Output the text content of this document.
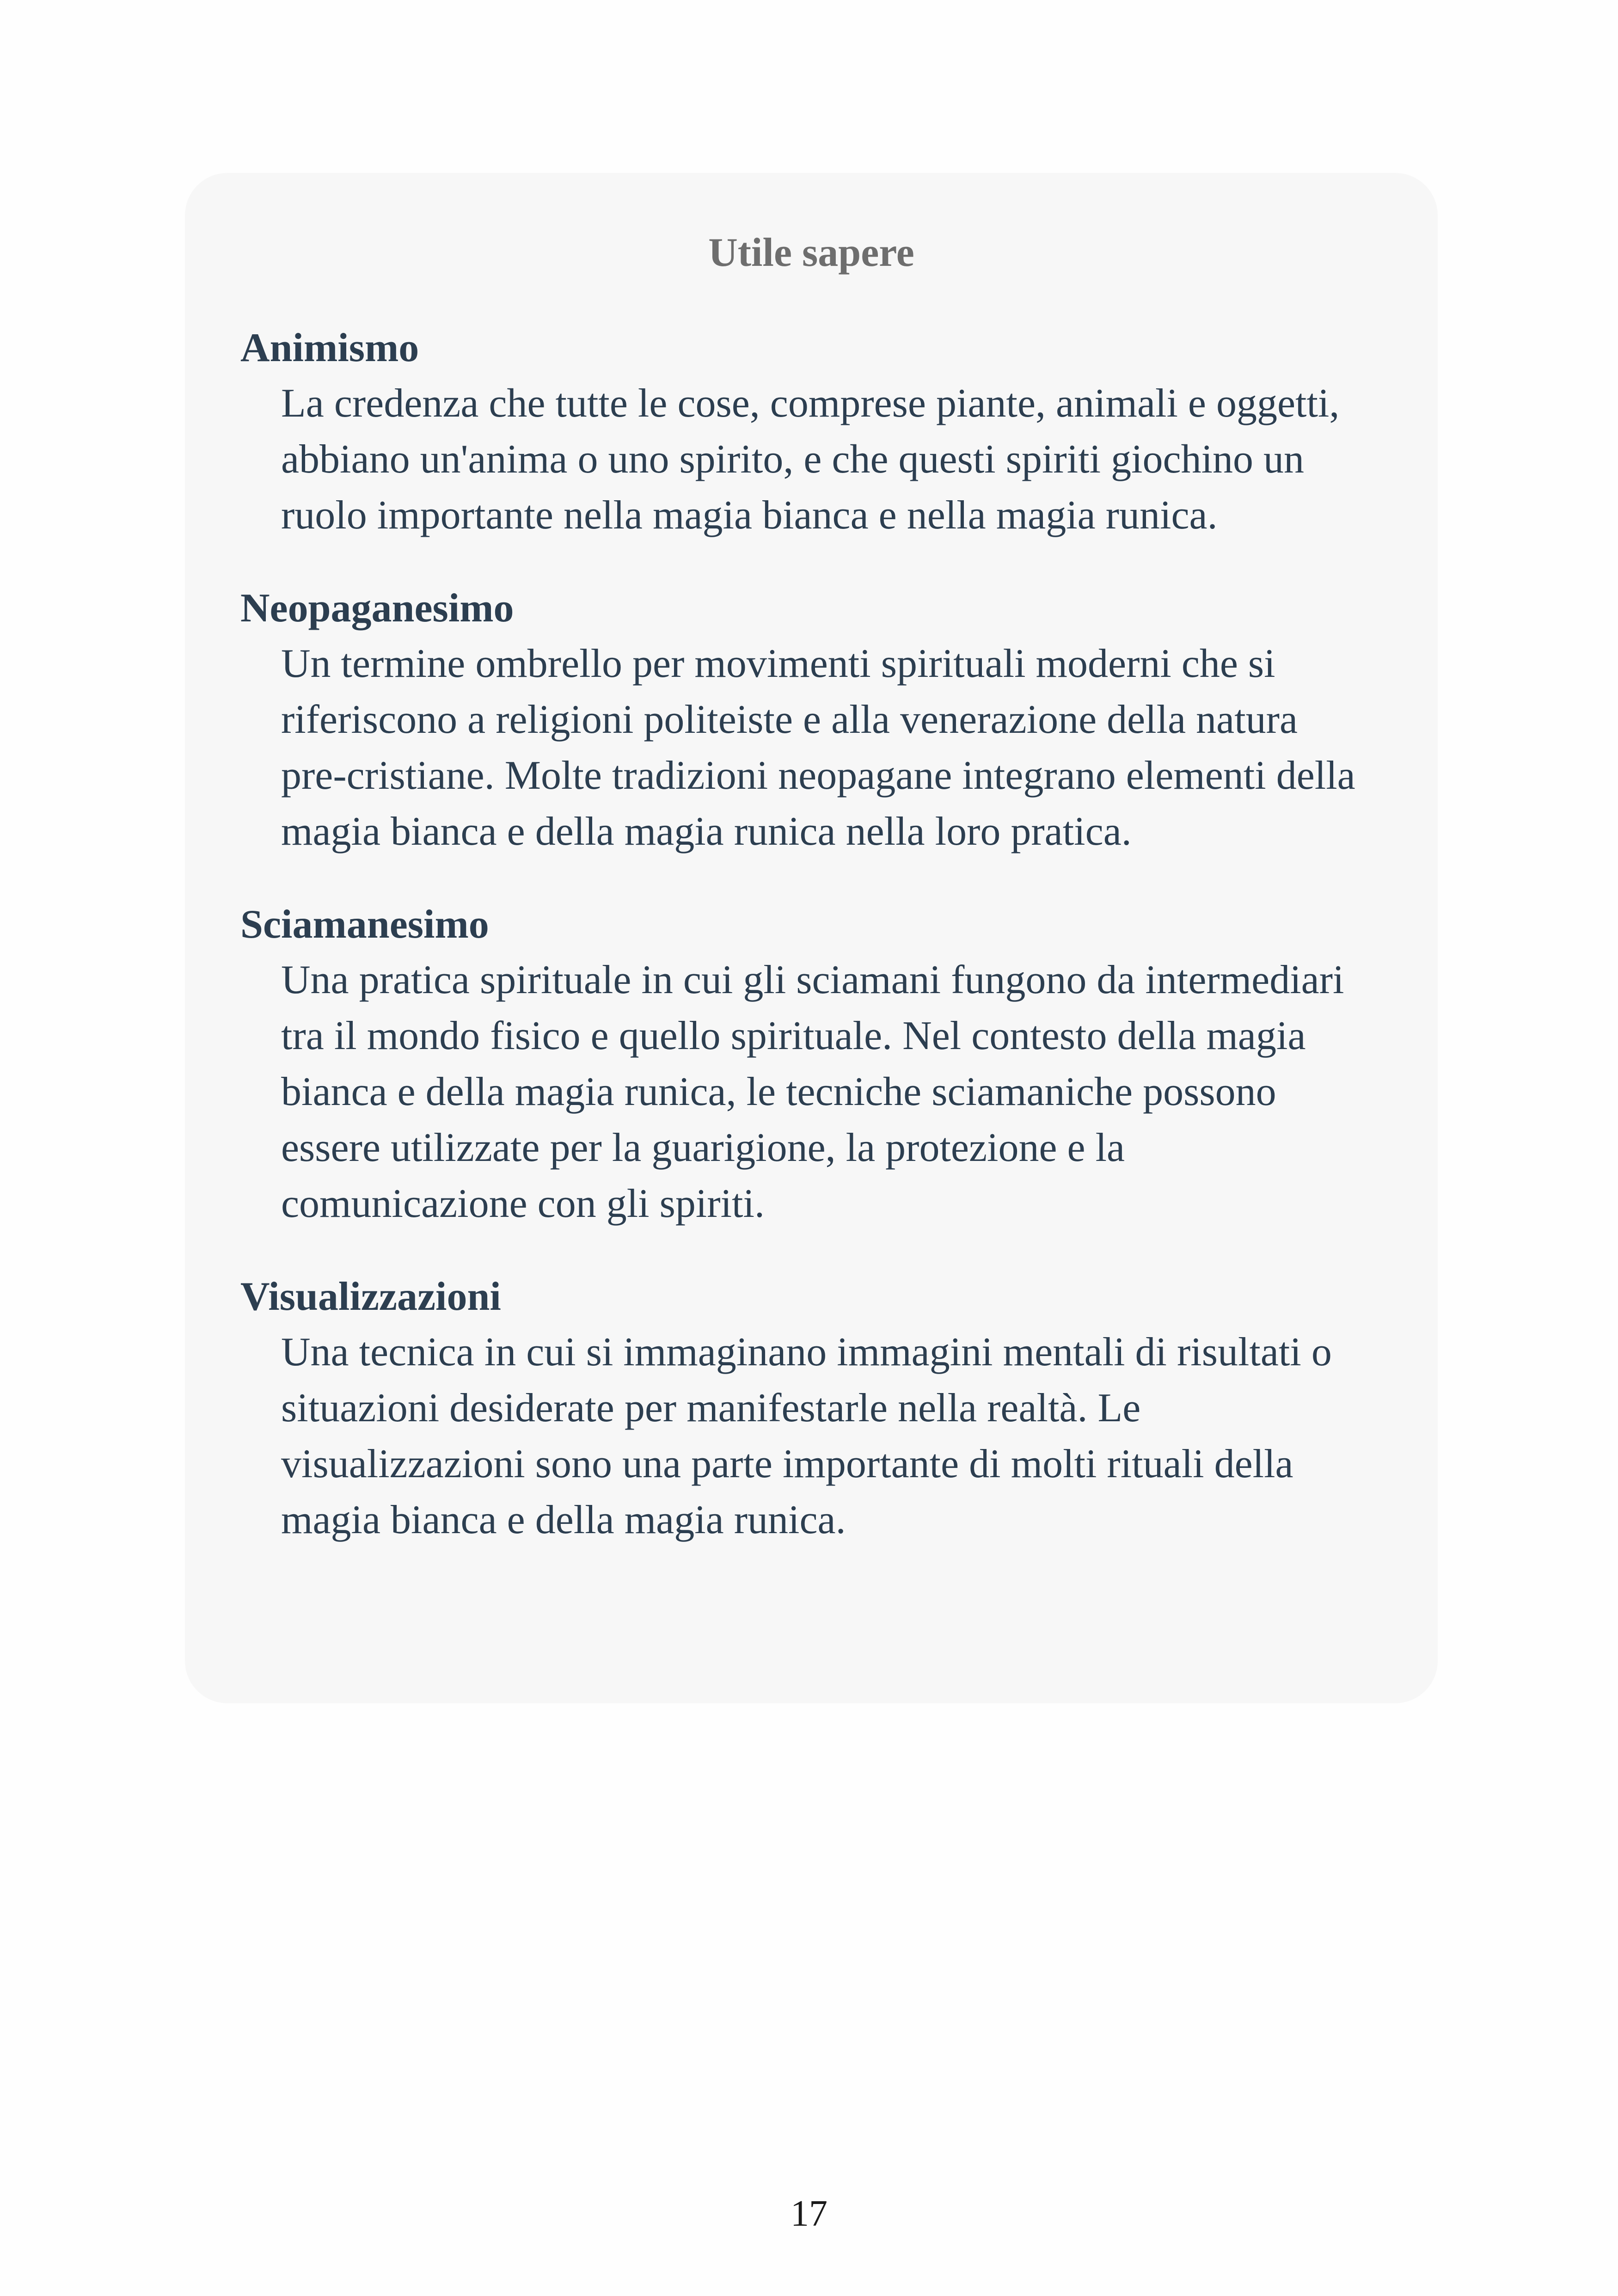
Utile sapere

Animismo

La credenza che tutte le cose, comprese piante, animali e oggetti, abbiano un'anima o uno spirito, e che questi spiriti giochino un ruolo importante nella magia bianca e nella magia runica.

Neopaganesimo

Un termine ombrello per movimenti spirituali moderni che si riferiscono a religioni politeiste e alla venerazione della natura pre-cristiane. Molte tradizioni neopagane integrano elementi della magia bianca e della magia runica nella loro pratica.

Sciamanesimo

Una pratica spirituale in cui gli sciamani fungono da intermediari tra il mondo fisico e quello spirituale. Nel contesto della magia bianca e della magia runica, le tecniche sciamaniche possono essere utilizzate per la guarigione, la protezione e la comunicazione con gli spiriti.

Visualizzazioni

Una tecnica in cui si immaginano immagini mentali di risultati o situazioni desiderate per manifestarle nella realtà. Le visualizzazioni sono una parte importante di molti rituali della magia bianca e della magia runica.

17
